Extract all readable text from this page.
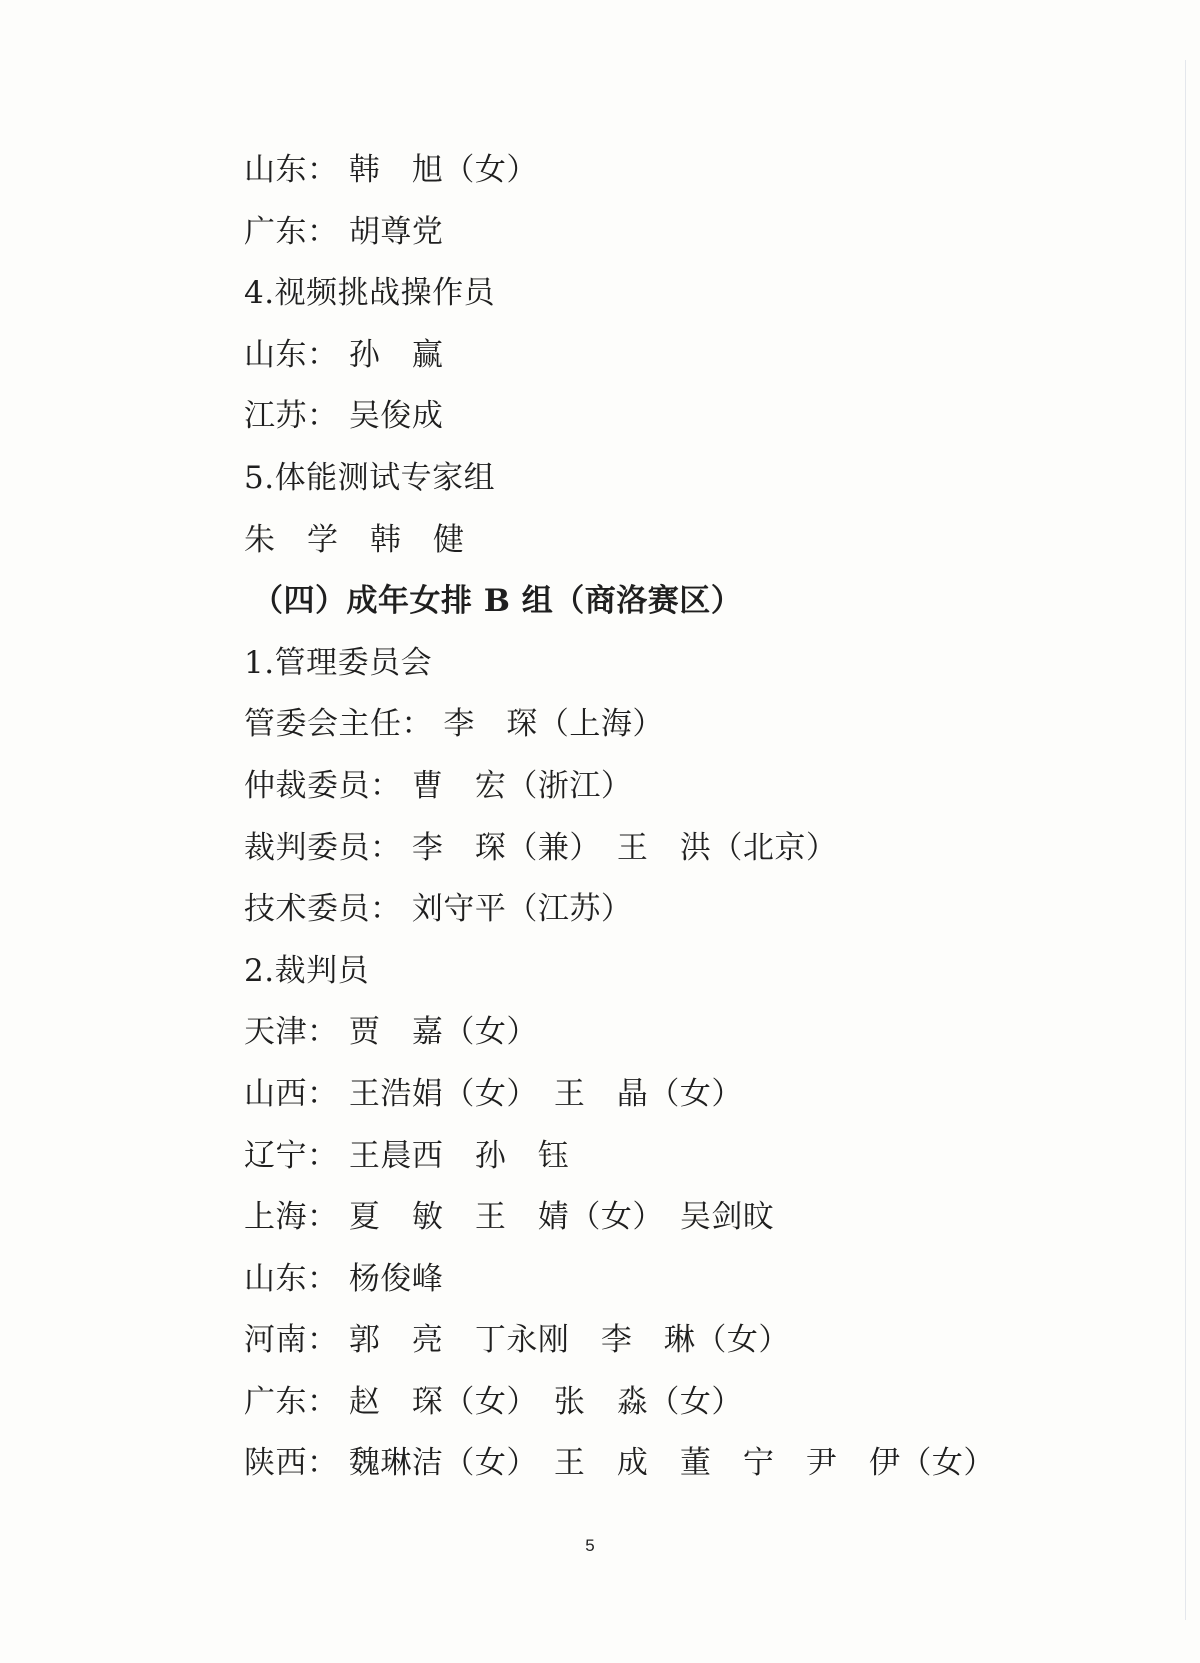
山东： 韩　旭（女）
广东： 胡尊党
4.视频挑战操作员
山东： 孙　赢
江苏： 吴俊成
5.体能测试专家组
朱　学　韩　健
（四）成年女排 B 组（商洛赛区）
1.管理委员会
管委会主任： 李　琛（上海）
仲裁委员： 曹　宏（浙江）
裁判委员： 李　琛（兼）　王　洪（北京）
技术委员： 刘守平（江苏）
2.裁判员
天津： 贾　嘉（女）
山西： 王浩娟（女）　王　晶（女）
辽宁： 王晨西　孙　钰
上海： 夏　敏　王　婧（女）　吴剑旼
山东： 杨俊峰
河南： 郭　亮　丁永刚　李　琳（女）
广东： 赵　琛（女）　张　淼（女）
陕西： 魏琳洁（女）　王　成　董　宁　尹　伊（女）
5
